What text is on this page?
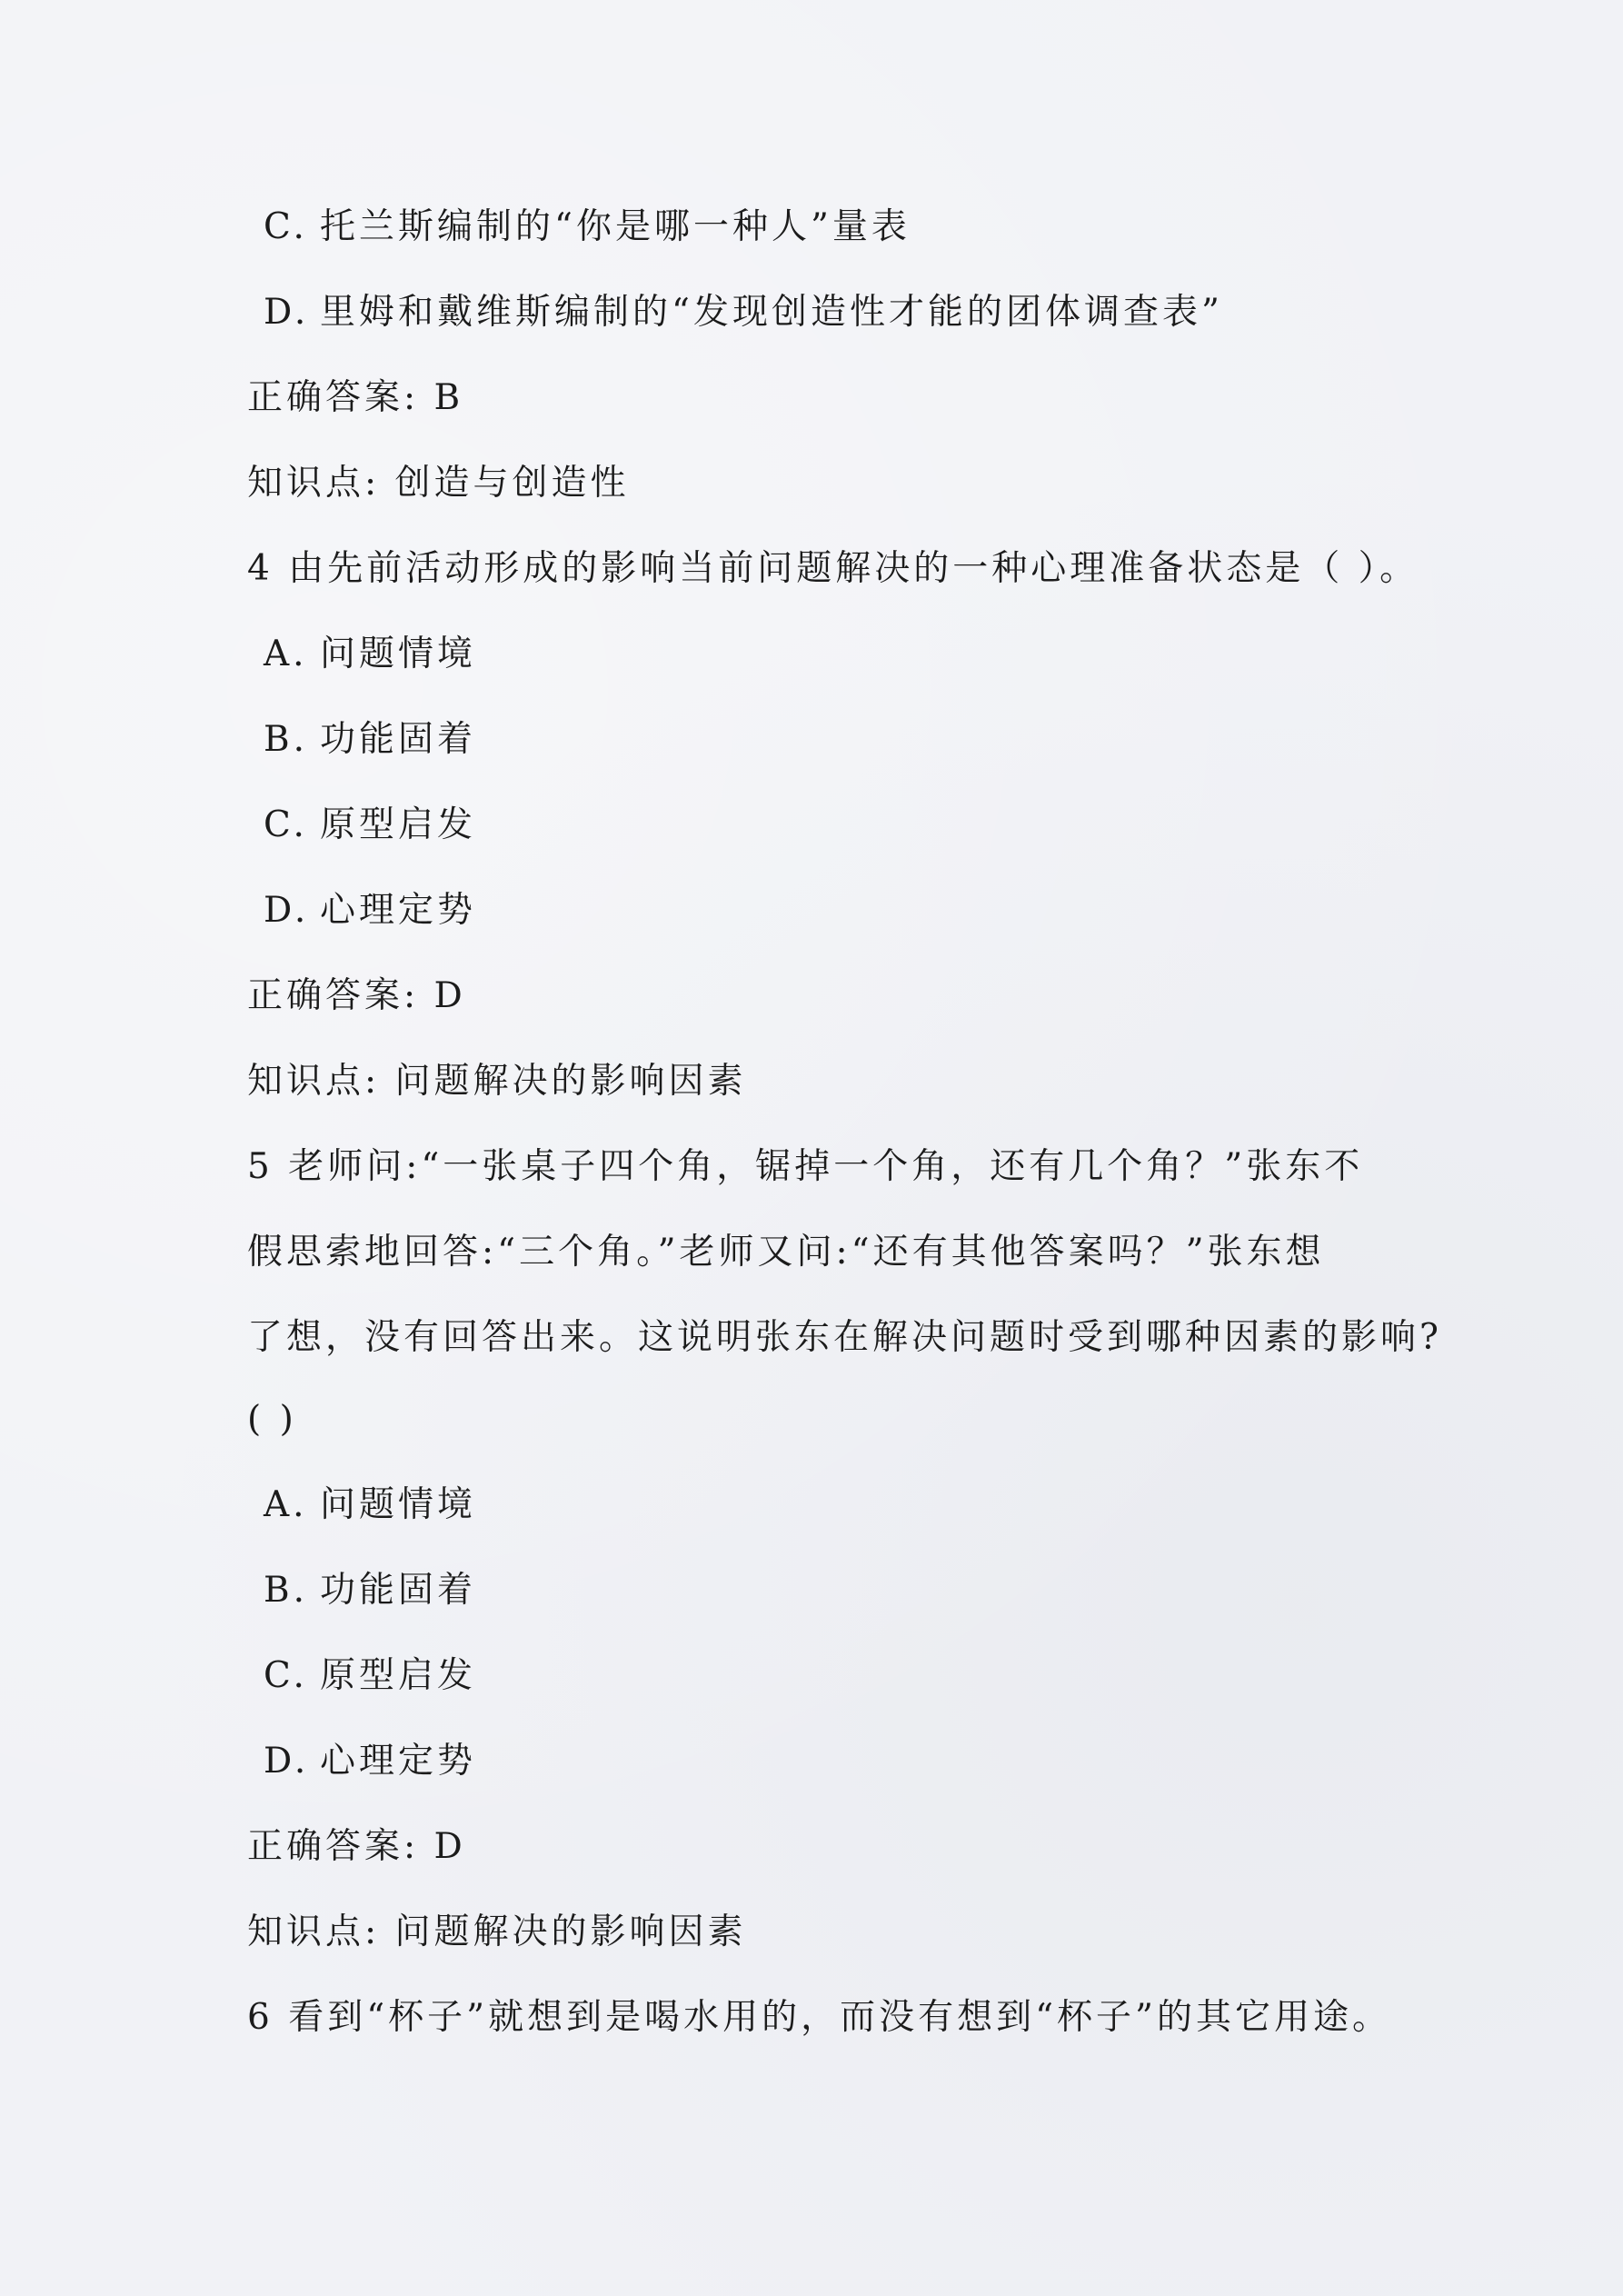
C. 托兰斯编制的“你是哪一种人”量表
D. 里姆和戴维斯编制的“发现创造性才能的团体调查表”
正确答案: B
知识点: 创造与创造性
4 由先前活动形成的影响当前问题解决的一种心理准备状态是（ ）。
A. 问题情境
B. 功能固着
C. 原型启发
D. 心理定势
正确答案: D
知识点: 问题解决的影响因素
5 老师问:“一张桌子四个角，锯掉一个角，还有几个角？”张东不
假思索地回答:“三个角。”老师又问:“还有其他答案吗？”张东想
了想，没有回答出来。这说明张东在解决问题时受到哪种因素的影响?
( )
A. 问题情境
B. 功能固着
C. 原型启发
D. 心理定势
正确答案: D
知识点: 问题解决的影响因素
6 看到“杯子”就想到是喝水用的，而没有想到“杯子”的其它用途。
